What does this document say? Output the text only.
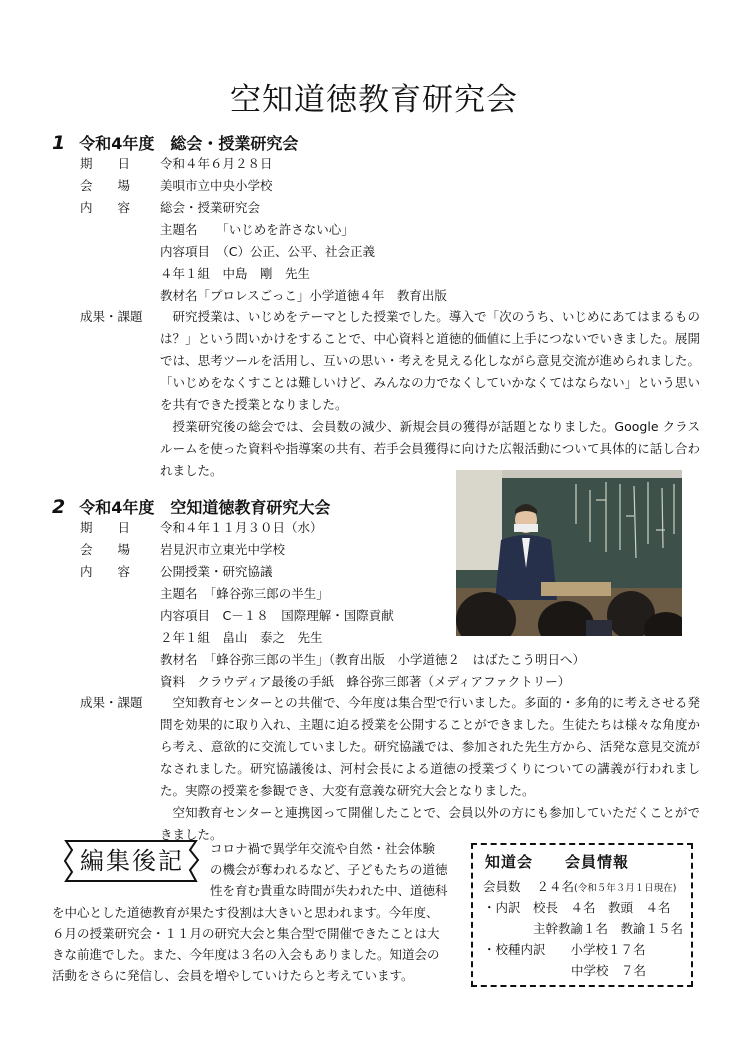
空知道徳教育研究会
1 令和4年度　総会・授業研究会
期　　日 令和４年６月２８日
会　　場 美唄市立中央小学校
内　　容 総会・授業研究会
主題名　　「いじめを許さない心」
内容項目　（C）公正、公平、社会正義
４年１組　中島　剛　先生
教材名「プロレスごっこ」小学道徳４年　教育出版
成果・課題	研究授業は、いじめをテーマとした授業でした。導入で「次のうち、いじめにあてはまるものは？」という問いかけをすることで、中心資料と道徳的価値に上手につないでいきました。展開では、思考ツールを活用し、互いの思い・考えを見える化しながら意見交流が進められました。「いじめをなくすことは難しいけど、みんなの力でなくしていかなくてはならない」という思いを共有できた授業となりました。

授業研究後の総会では、会員数の減少、新規会員の獲得が話題となりました。Google クラスルームを使った資料や指導案の共有、若手会員獲得に向けた広報活動について具体的に話し合われました。

2 令和4年度　空知道徳教育研究大会
期　　日 令和４年１１月３０日（水）
会　　場 岩見沢市立東光中学校
内　　容 公開授業・研究協議
主題名　「蜂谷弥三郎の半生」
内容項目　C－１８　国際理解・国際貢献
２年１組　畠山　泰之　先生
教材名　「蜂谷弥三郎の半生」（教育出版　小学道徳２　はばたこう明日へ）
資料　クラウディア最後の手紙　蜂谷弥三郎著（メディアファクトリー）
成果・課題	空知教育センターとの共催で、今年度は集合型で行いました。多面的・多角的に考えさせる発問を効果的に取り入れ、主題に迫る授業を公開することができました。生徒たちは様々な角度から考え、意欲的に交流していました。研究協議では、参加された先生方から、活発な意見交流がなされました。研究協議後は、河村会長による道徳の授業づくりについての講義が行われました。実際の授業を参観でき、大変有意義な研究大会となりました。

空知教育センターと連携図って開催したことで、会員以外の方にも参加していただくことができました。

編集後記	コロナ禍で異学年交流や自然・社会体験
の機会が奪われるなど、子どもたちの道徳
性を育む貴重な時間が失われた中、道徳科
を中心とした道徳教育が果たす役割は大きいと思われます。今年度、
６月の授業研究会・１１月の研究大会と集合型で開催できたことは大
きな前進でした。また、今年度は３名の入会もありました。知道会の
活動をさらに発信し、会員を増やしていけたらと考えています。
知道会　　会員情報
会員数 ２４名(令和５年３月１日現在)
・内訳　校長　４名　教頭　４名
主幹教諭１名　教諭１５名
・校種内訳　　小学校１７名
中学校　７名
